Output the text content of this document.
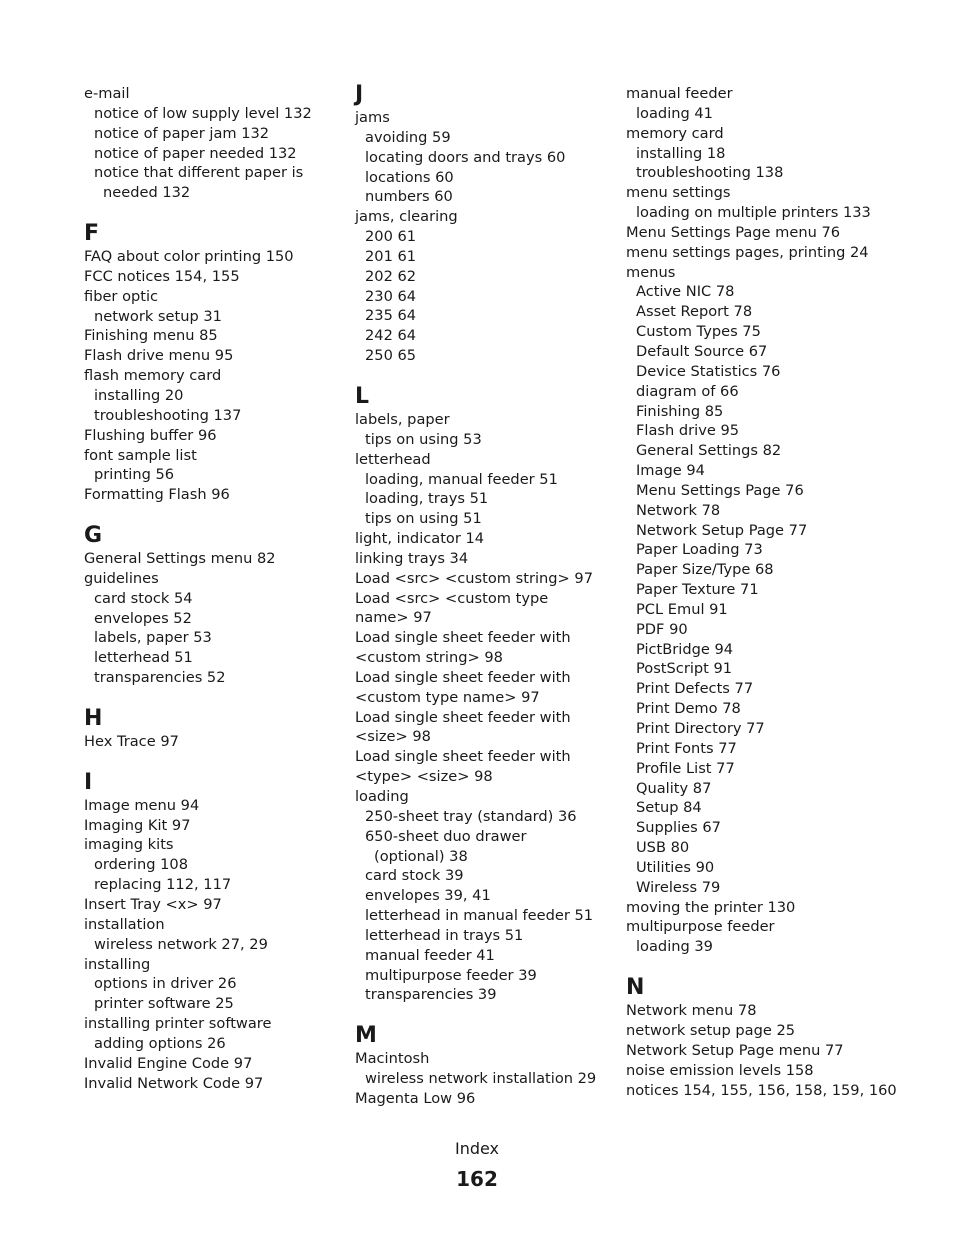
e-mail
notice of low supply level 132
notice of paper jam 132
notice of paper needed 132
notice that different paper is
needed 132
F
FAQ about color printing 150
FCC notices 154, 155
fiber optic
network setup 31
Finishing menu 85
Flash drive menu 95
flash memory card
installing 20
troubleshooting 137
Flushing buffer 96
font sample list
printing 56
Formatting Flash 96
G
General Settings menu 82
guidelines
card stock 54
envelopes 52
labels, paper 53
letterhead 51
transparencies 52
H
Hex Trace 97
I
Image menu 94
Imaging Kit 97
imaging kits
ordering 108
replacing 112, 117
Insert Tray <x> 97
installation
wireless network 27, 29
installing
options in driver 26
printer software 25
installing printer software
adding options 26
Invalid Engine Code 97
Invalid Network Code 97
J
jams
avoiding 59
locating doors and trays 60
locations 60
numbers 60
jams, clearing
200 61
201 61
202 62
230 64
235 64
242 64
250 65
L
labels, paper
tips on using 53
letterhead
loading, manual feeder 51
loading, trays 51
tips on using 51
light, indicator 14
linking trays 34
Load <src> <custom string> 97
Load <src> <custom type
name> 97
Load single sheet feeder with
<custom string> 98
Load single sheet feeder with
<custom type name> 97
Load single sheet feeder with
<size> 98
Load single sheet feeder with
<type> <size> 98
loading
250-sheet tray (standard) 36
650-sheet duo drawer
(optional) 38
card stock 39
envelopes 39, 41
letterhead in manual feeder 51
letterhead in trays 51
manual feeder 41
multipurpose feeder 39
transparencies 39
M
Macintosh
wireless network installation 29
Magenta Low 96
manual feeder
loading 41
memory card
installing 18
troubleshooting 138
menu settings
loading on multiple printers 133
Menu Settings Page menu 76
menu settings pages, printing 24
menus
Active NIC 78
Asset Report 78
Custom Types 75
Default Source 67
Device Statistics 76
diagram of 66
Finishing 85
Flash drive 95
General Settings 82
Image 94
Menu Settings Page 76
Network 78
Network Setup Page 77
Paper Loading 73
Paper Size/Type 68
Paper Texture 71
PCL Emul 91
PDF 90
PictBridge 94
PostScript 91
Print Defects 77
Print Demo 78
Print Directory 77
Print Fonts 77
Profile List 77
Quality 87
Setup 84
Supplies 67
USB 80
Utilities 90
Wireless 79
moving the printer 130
multipurpose feeder
loading 39
N
Network menu 78
network setup page 25
Network Setup Page menu 77
noise emission levels 158
notices 154, 155, 156, 158, 159, 160
Index
162
